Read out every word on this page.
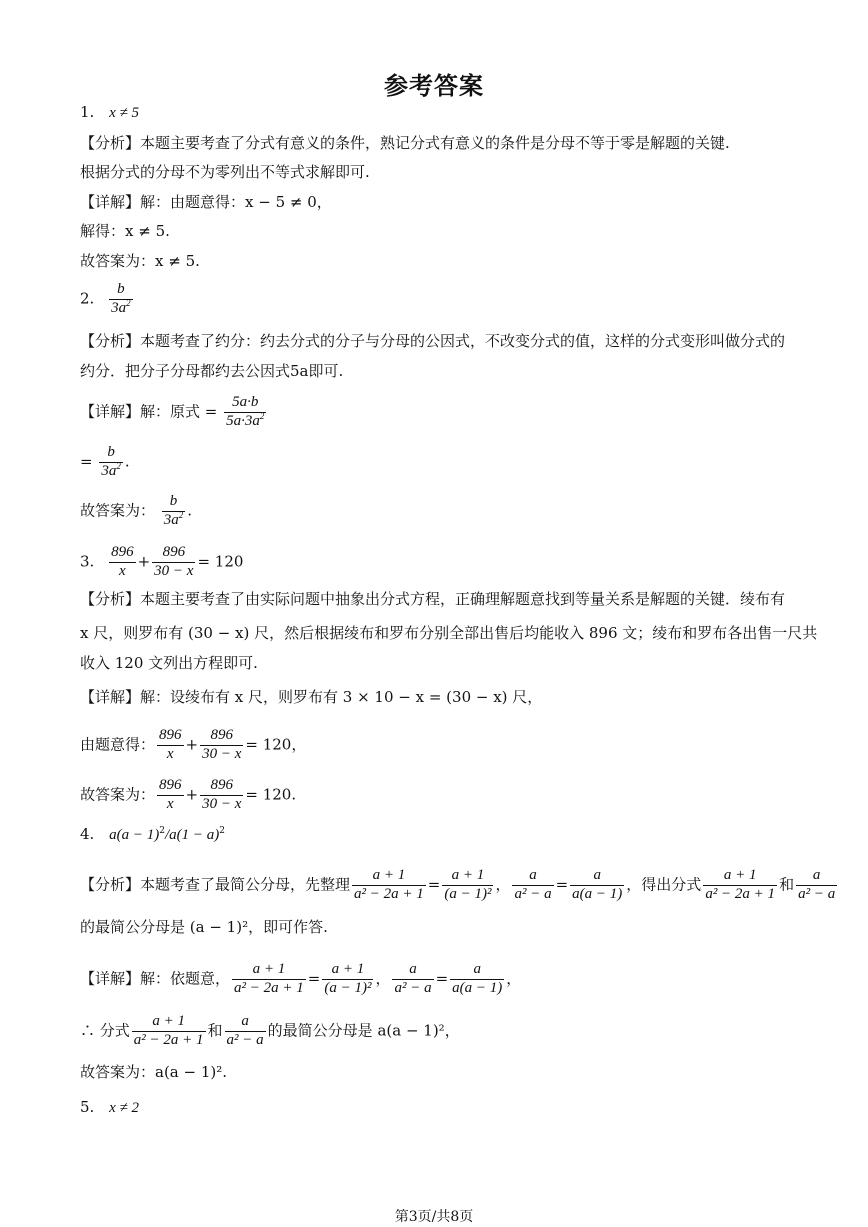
参考答案
1. x ≠ 5
【分析】本题主要考查了分式有意义的条件，熟记分式有意义的条件是分母不等于零是解题的关键.
根据分式的分母不为零列出不等式求解即可.
【详解】解：由题意得：x − 5 ≠ 0，
解得：x ≠ 5.
故答案为：x ≠ 5.
2. $\frac{b}{3a^2}$
【分析】本题考查了约分：约去分式的分子与分母的公因式，不改变分式的值，这样的分式变形叫做分式的
约分．把分子分母都约去公因式5a即可.
【详解】解：原式 = $\frac{5a\cdot b}{5a\cdot 3a^2}$
= $\frac{b}{3a^2}$ .
故答案为： $\frac{b}{3a^2}$ .
3. $\frac{896}{x} + \frac{896}{30 - x} = 120$
【分析】本题主要考查了由实际问题中抽象出分式方程，正确理解题意找到等量关系是解题的关键．绫布有
x 尺，则罗布有 (30 − x) 尺，然后根据绫布和罗布分别全部出售后均能收入 896 文；绫布和罗布各出售一尺共
收入 120 文列出方程即可.
【详解】解：设绫布有 x 尺，则罗布有 3 × 10 − x = (30 − x) 尺，
由题意得： $\frac{896}{x} + \frac{896}{30 - x} = 120$，
故答案为： $\frac{896}{x} + \frac{896}{30 - x} = 120$.
4. $a(a - 1)^2/a(1 - a)^2$
【分析】本题考查了最简公分母，先整理 $\frac{a + 1}{\text{a² − 2a + 1}} = \frac{a + 1}{\text{(a − 1)²}}$ ， $\frac{a}{\text{a² − a}} = \frac{a}{a(a - 1)}$ ，得出分式 $\frac{a + 1}{\text{a² − 2a + 1}}$ 和 $\frac{a}{\text{a² − a}}$
的最简公分母是 (a − 1)²，即可作答.
【详解】解：依题意， $\frac{a + 1}{\text{a² − 2a + 1}} = \frac{a + 1}{\text{(a − 1)²}}$ ， $\frac{a}{\text{a² − a}} = \frac{a}{a(a - 1)}$ ，
∴ 分式 $\frac{a + 1}{\text{a² − 2a + 1}}$ 和 $\frac{a}{\text{a² − a}}$ 的最简公分母是 a(a − 1)²，
故答案为：a(a − 1)².
5. x ≠ 2
第3页/共8页
